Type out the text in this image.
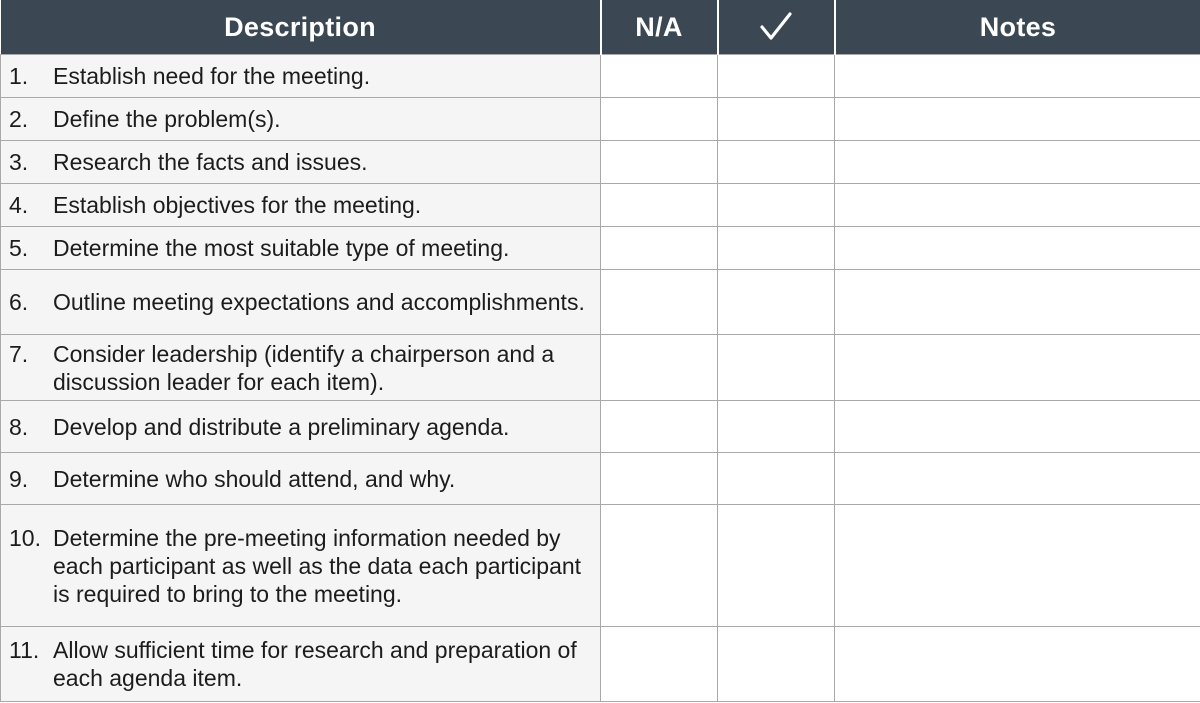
Description	N/A		Notes

1. Establish need for the meeting.			

2. Define the problem(s).			

3. Research the facts and issues.			

4. Establish objectives for the meeting.			

5. Determine the most suitable type of meeting.			

6. Outline meeting expectations and accomplishments.			

7. Consider leadership (identify a chairperson and a discussion leader for each item).			

8. Develop and distribute a preliminary agenda.			

9. Determine who should attend, and why.			

10. Determine the pre-meeting information needed by each participant as well as the data each participant is required to bring to the meeting.			

11. Allow sufficient time for research and preparation of each agenda item.			
